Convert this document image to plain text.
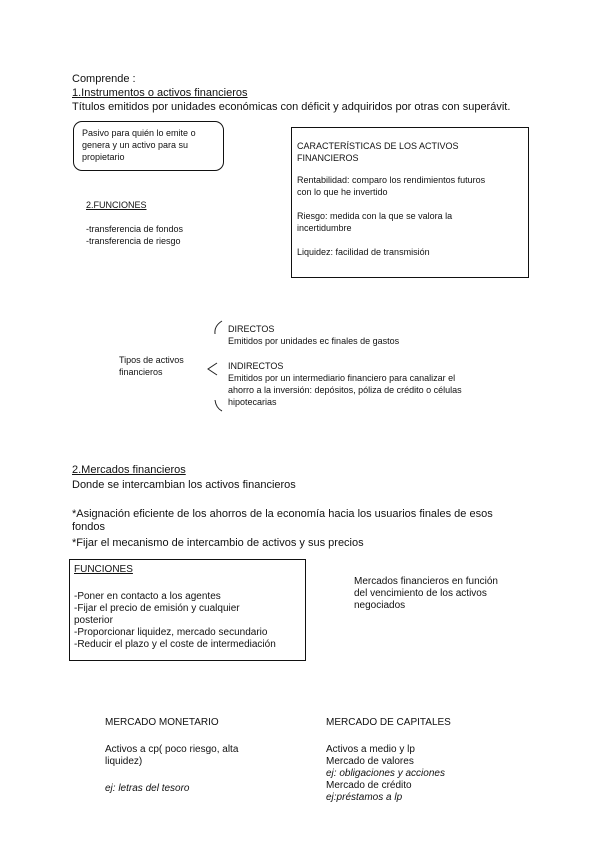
Comprende :
1.Instrumentos o activos financieros
Títulos emitidos por unidades económicas con déficit y adquiridos por otras con superávit.
Pasivo para quién lo emite o
genera y un activo para su
propietario
2.FUNCIONES
-transferencia de fondos
-transferencia de riesgo
CARACTERÍSTICAS DE LOS ACTIVOS
FINANCIEROS
Rentabilidad: comparo los rendimientos futuros
con lo que he invertido
Riesgo: medida con la que se valora la
incertidumbre
Liquidez: facilidad de transmisión
Tipos de activos
financieros
DIRECTOS
Emitidos por unidades ec finales de gastos
INDIRECTOS
Emitidos por un intermediario financiero para canalizar el
ahorro a la inversión: depósitos, póliza de crédito o células
hipotecarias
2.Mercados financieros
Donde se intercambian los activos financieros
*Asignación eficiente de los ahorros de la economía hacia los usuarios finales de esos
fondos
*Fijar el mecanismo de intercambio de activos y sus precios
FUNCIONES
-Poner en contacto a los agentes
-Fijar el precio de emisión y cualquier
posterior
-Proporcionar liquidez, mercado secundario
-Reducir el plazo y el coste de intermediación
Mercados financieros en función
del vencimiento de los activos
negociados
MERCADO MONETARIO
Activos a cp( poco riesgo, alta
liquidez)
ej: letras del tesoro
MERCADO DE CAPITALES
Activos a medio y lp
Mercado de valores
ej: obligaciones y acciones
Mercado de crédito
ej:préstamos a lp
